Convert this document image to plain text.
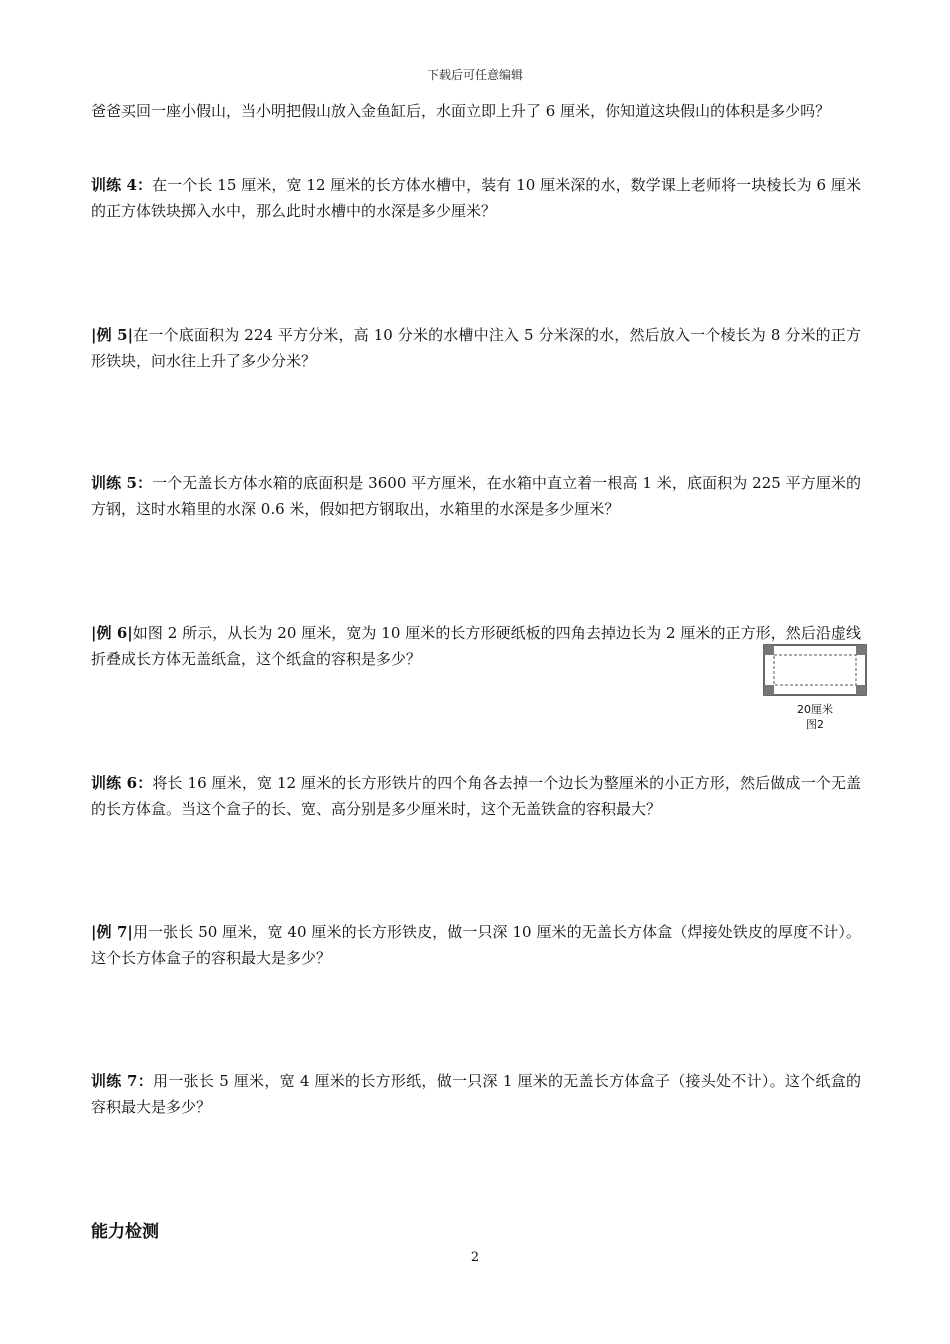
下载后可任意编辑

爸爸买回一座小假山，当小明把假山放入金鱼缸后，水面立即上升了 6 厘米，你知道这块假山的体积是多少吗？

训练 4：在一个长 15 厘米，宽 12 厘米的长方体水槽中，装有 10 厘米深的水，数学课上老师将一块棱长为 6 厘米的正方体铁块掷入水中，那么此时水槽中的水深是多少厘米？

|例 5|在一个底面积为 224 平方分米，高 10 分米的水槽中注入 5 分米深的水，然后放入一个棱长为 8 分米的正方形铁块，问水往上升了多少分米？

训练 5：一个无盖长方体水箱的底面积是 3600 平方厘米，在水箱中直立着一根高 1 米，底面积为 225 平方厘米的方钢，这时水箱里的水深 0.6 米，假如把方钢取出，水箱里的水深是多少厘米？

|例 6|如图 2 所示，从长为 20 厘米，宽为 10 厘米的长方形硬纸板的四角去掉边长为 2 厘米的正方形，然后沿虚线折叠成长方体无盖纸盒，这个纸盒的容积是多少？

20厘米
图2

训练 6：将长 16 厘米，宽 12 厘米的长方形铁片的四个角各去掉一个边长为整厘米的小正方形，然后做成一个无盖的长方体盒。当这个盒子的长、宽、高分别是多少厘米时，这个无盖铁盒的容积最大？

|例 7|用一张长 50 厘米，宽 40 厘米的长方形铁皮，做一只深 10 厘米的无盖长方体盒（焊接处铁皮的厚度不计）。这个长方体盒子的容积最大是多少？

训练 7：用一张长 5 厘米，宽 4 厘米的长方形纸，做一只深 1 厘米的无盖长方体盒子（接头处不计）。这个纸盒的容积最大是多少？

能力检测
2
